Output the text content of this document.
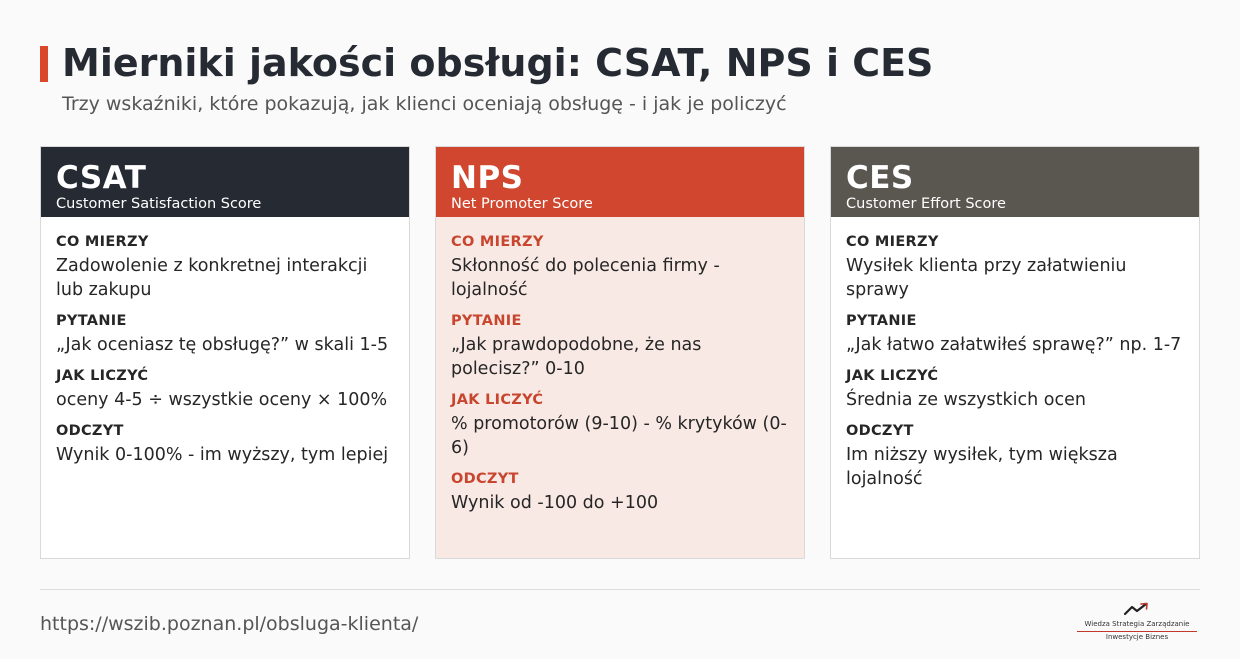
Mierniki jakości obsługi: CSAT, NPS i CES
Trzy wskaźniki, które pokazują, jak klienci oceniają obsługę - i jak je policzyć
CSAT
Customer Satisfaction Score
CO MIERZY
Zadowolenie z konkretnej interakcji lub zakupu
PYTANIE
„Jak oceniasz tę obsługę?” w skali 1-5
JAK LICZYĆ
oceny 4-5 ÷ wszystkie oceny × 100%
ODCZYT
Wynik 0-100% - im wyższy, tym lepiej
NPS
Net Promoter Score
CO MIERZY
Skłonność do polecenia firmy - lojalność
PYTANIE
„Jak prawdopodobne, że nas polecisz?” 0-10
JAK LICZYĆ
% promotorów (9-10) - % krytyków (0-6)
ODCZYT
Wynik od -100 do +100
CES
Customer Effort Score
CO MIERZY
Wysiłek klienta przy załatwieniu sprawy
PYTANIE
„Jak łatwo załatwiłeś sprawę?” np. 1-7
JAK LICZYĆ
Średnia ze wszystkich ocen
ODCZYT
Im niższy wysiłek, tym większa lojalność
https://wszib.poznan.pl/obsluga-klienta/	Wiedza Strategia Zarządzanie
Inwestycje Biznes
